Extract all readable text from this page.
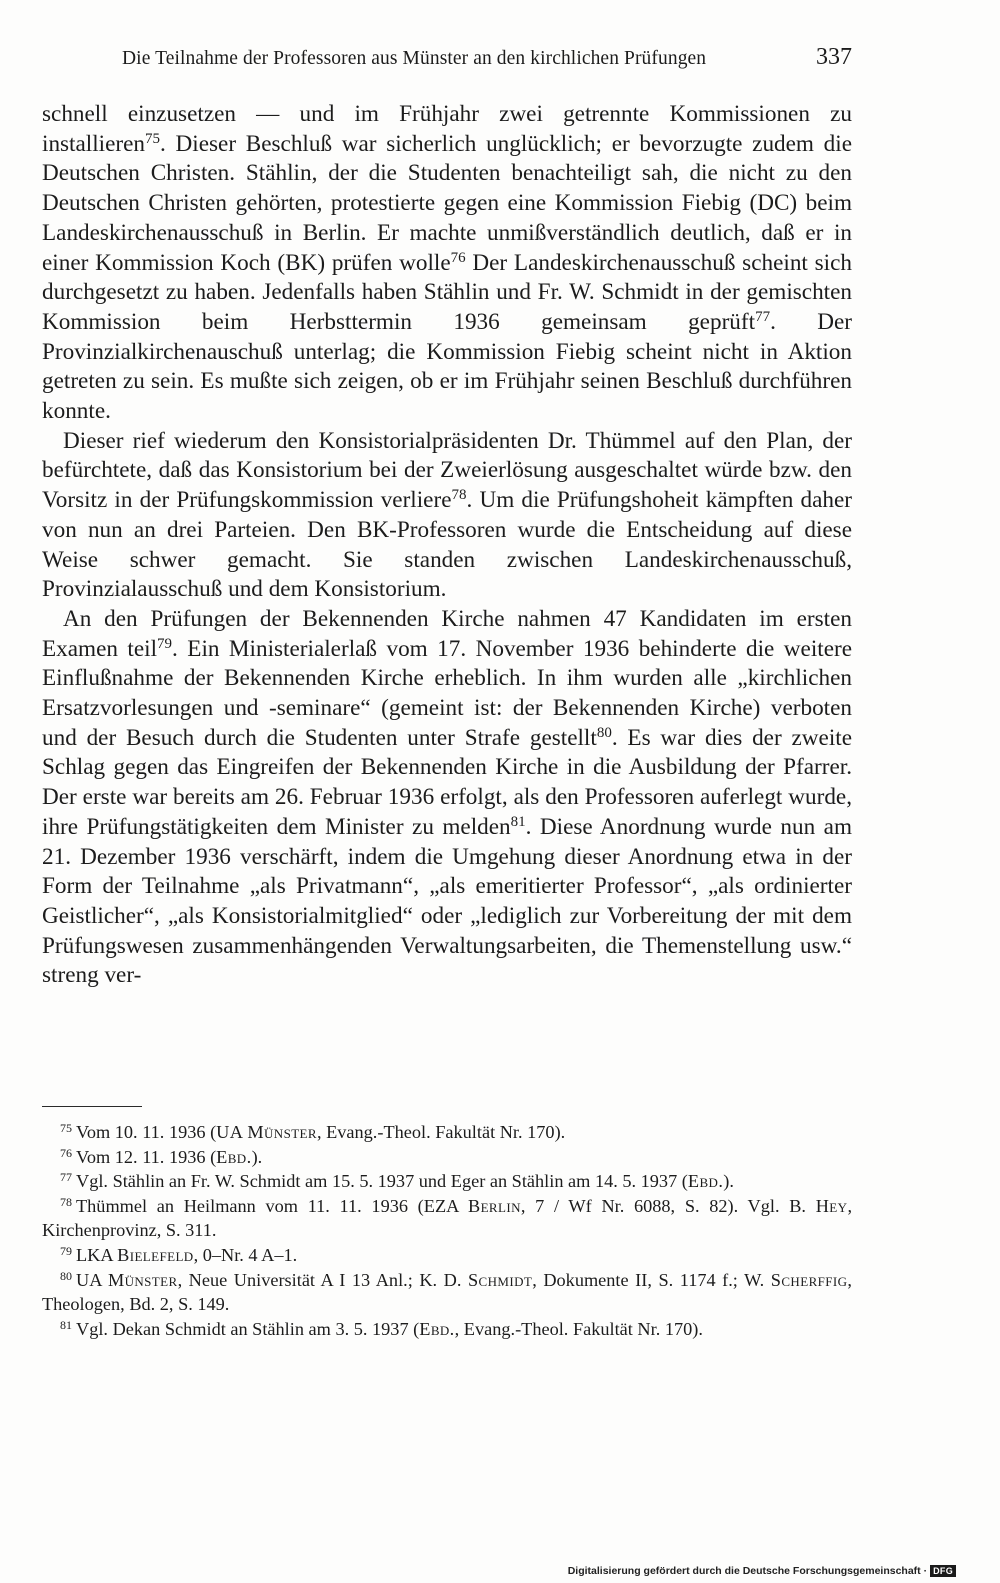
Die Teilnahme der Professoren aus Münster an den kirchlichen Prüfungen	337

schnell einzusetzen — und im Frühjahr zwei getrennte Kommissionen zu installieren$^{75}$. Dieser Beschluß war sicherlich unglücklich; er bevorzugte zudem die Deutschen Christen. Stählin, der die Studenten benachteiligt sah, die nicht zu den Deutschen Christen gehörten, protestierte gegen eine Kommission Fiebig (DC) beim Landeskirchenausschuß in Berlin. Er machte unmißverständlich deutlich, daß er in einer Kommission Koch (BK) prüfen wolle$^{76}$ Der Landeskirchenausschuß scheint sich durchgesetzt zu haben. Jedenfalls haben Stählin und Fr. W. Schmidt in der gemischten Kommission beim Herbsttermin 1936 gemeinsam geprüft$^{77}$. Der Provinzialkirchenauschuß unterlag; die Kommission Fiebig scheint nicht in Aktion getreten zu sein. Es mußte sich zeigen, ob er im Frühjahr seinen Beschluß durchführen konnte.

Dieser rief wiederum den Konsistorialpräsidenten Dr. Thümmel auf den Plan, der befürchtete, daß das Konsistorium bei der Zweierlösung ausgeschaltet würde bzw. den Vorsitz in der Prüfungskommission verliere$^{78}$. Um die Prüfungshoheit kämpften daher von nun an drei Parteien. Den BK-Professoren wurde die Entscheidung auf diese Weise schwer gemacht. Sie standen zwischen Landeskirchenausschuß, Provinzialausschuß und dem Konsistorium.

An den Prüfungen der Bekennenden Kirche nahmen 47 Kandidaten im ersten Examen teil$^{79}$. Ein Ministerialerlaß vom 17. November 1936 behinderte die weitere Einflußnahme der Bekennenden Kirche erheblich. In ihm wurden alle „kirchlichen Ersatzvorlesungen und -seminare“ (gemeint ist: der Bekennenden Kirche) verboten und der Besuch durch die Studenten unter Strafe gestellt$^{80}$. Es war dies der zweite Schlag gegen das Eingreifen der Bekennenden Kirche in die Ausbildung der Pfarrer. Der erste war bereits am 26. Februar 1936 erfolgt, als den Professoren auferlegt wurde, ihre Prüfungstätigkeiten dem Minister zu melden$^{81}$. Diese Anordnung wurde nun am 21. Dezember 1936 verschärft, indem die Umgehung dieser Anordnung etwa in der Form der Teilnahme „als Privatmann“, „als emeritierter Professor“, „als ordinierter Geistlicher“, „als Konsistorialmitglied“ oder „lediglich zur Vorbereitung der mit dem Prüfungswesen zusammenhängenden Verwaltungsarbeiten, die Themenstellung usw.“ streng ver-

$^{75}$ Vom 10. 11. 1936 (UA Münster, Evang.-Theol. Fakultät Nr. 170).

$^{76}$ Vom 12. 11. 1936 (Ebd.).

$^{77}$ Vgl. Stählin an Fr. W. Schmidt am 15. 5. 1937 und Eger an Stählin am 14. 5. 1937 (Ebd.).

$^{78}$ Thümmel an Heilmann vom 11. 11. 1936 (EZA Berlin, 7 / Wf Nr. 6088, S. 82). Vgl. B. Hey, Kirchenprovinz, S. 311.

$^{79}$ LKA Bielefeld, 0–Nr. 4 A–1.

$^{80}$ UA Münster, Neue Universität A I 13 Anl.; K. D. Schmidt, Dokumente II, S. 1174 f.; W. Scherffig, Theologen, Bd. 2, S. 149.

$^{81}$ Vgl. Dekan Schmidt an Stählin am 3. 5. 1937 (Ebd., Evang.-Theol. Fakultät Nr. 170).

Digitalisierung gefördert durch die Deutsche Forschungsgemeinschaft · DFG
